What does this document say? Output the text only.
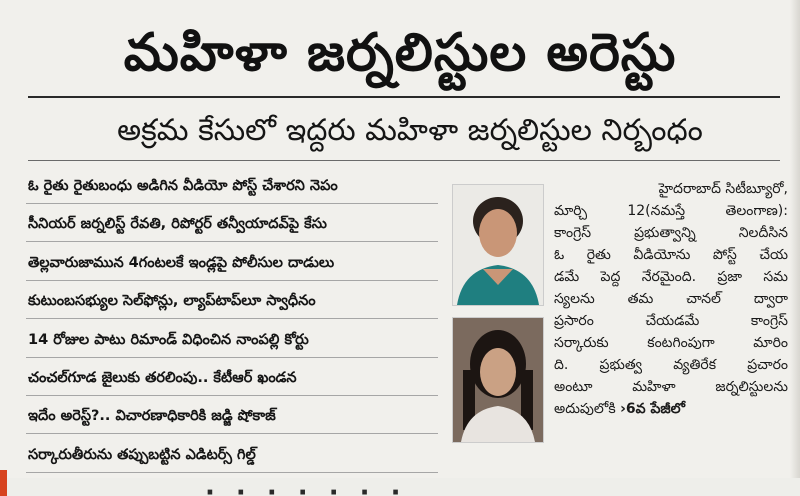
మహిళా జర్నలిస్టుల అరెస్టు
అక్రమ కేసులో ఇద్దరు మహిళా జర్నలిస్టుల నిర్బంధం
ఓ రైతు రైతుబంధు అడిగిన వీడియో పోస్ట్ చేశారని నెపం
సీనియర్ జర్నలిస్ట్ రేవతి, రిపోర్టర్ తన్వీయాదవ్‌పై కేసు
తెల్లవారుజామున 4గంటలకే ఇండ్లపై పోలీసుల దాడులు
కుటుంబసభ్యుల సెల్‌ఫోన్లు, ల్యాప్‌టాప్‌లూ స్వాధీనం
14 రోజుల పాటు రిమాండ్ విధించిన నాంపల్లి కోర్టు
చంచల్‌గూడ జైలుకు తరలింపు.. కేటీఆర్ ఖండన
ఇదేం అరెస్ట్?.. విచారణాధికారికి జడ్జి షోకాజ్
సర్కారుతీరును తప్పుబట్టిన ఎడిటర్స్ గిల్డ్
హైదరాబాద్ సిటీబ్యూరో,
మార్చి 12(నమస్తే తెలంగాణ):
కాంగ్రెస్ ప్రభుత్వాన్ని నిలదీసిన
ఓ రైతు వీడియోను పోస్ట్ చేయ
డమే పెద్ద నేరమైంది. ప్రజా సమ
స్యలను తమ చానల్ ద్వారా
ప్రసారం చేయడమే కాంగ్రెస్
సర్కారుకు కంటగింపుగా మారిం
ది. ప్రభుత్వ వ్యతిరేక ప్రచారం
అంటూ మహిళా జర్నలిస్టులను
అదుపులోకి ›6వ పేజీలో
· · · · · · ·
